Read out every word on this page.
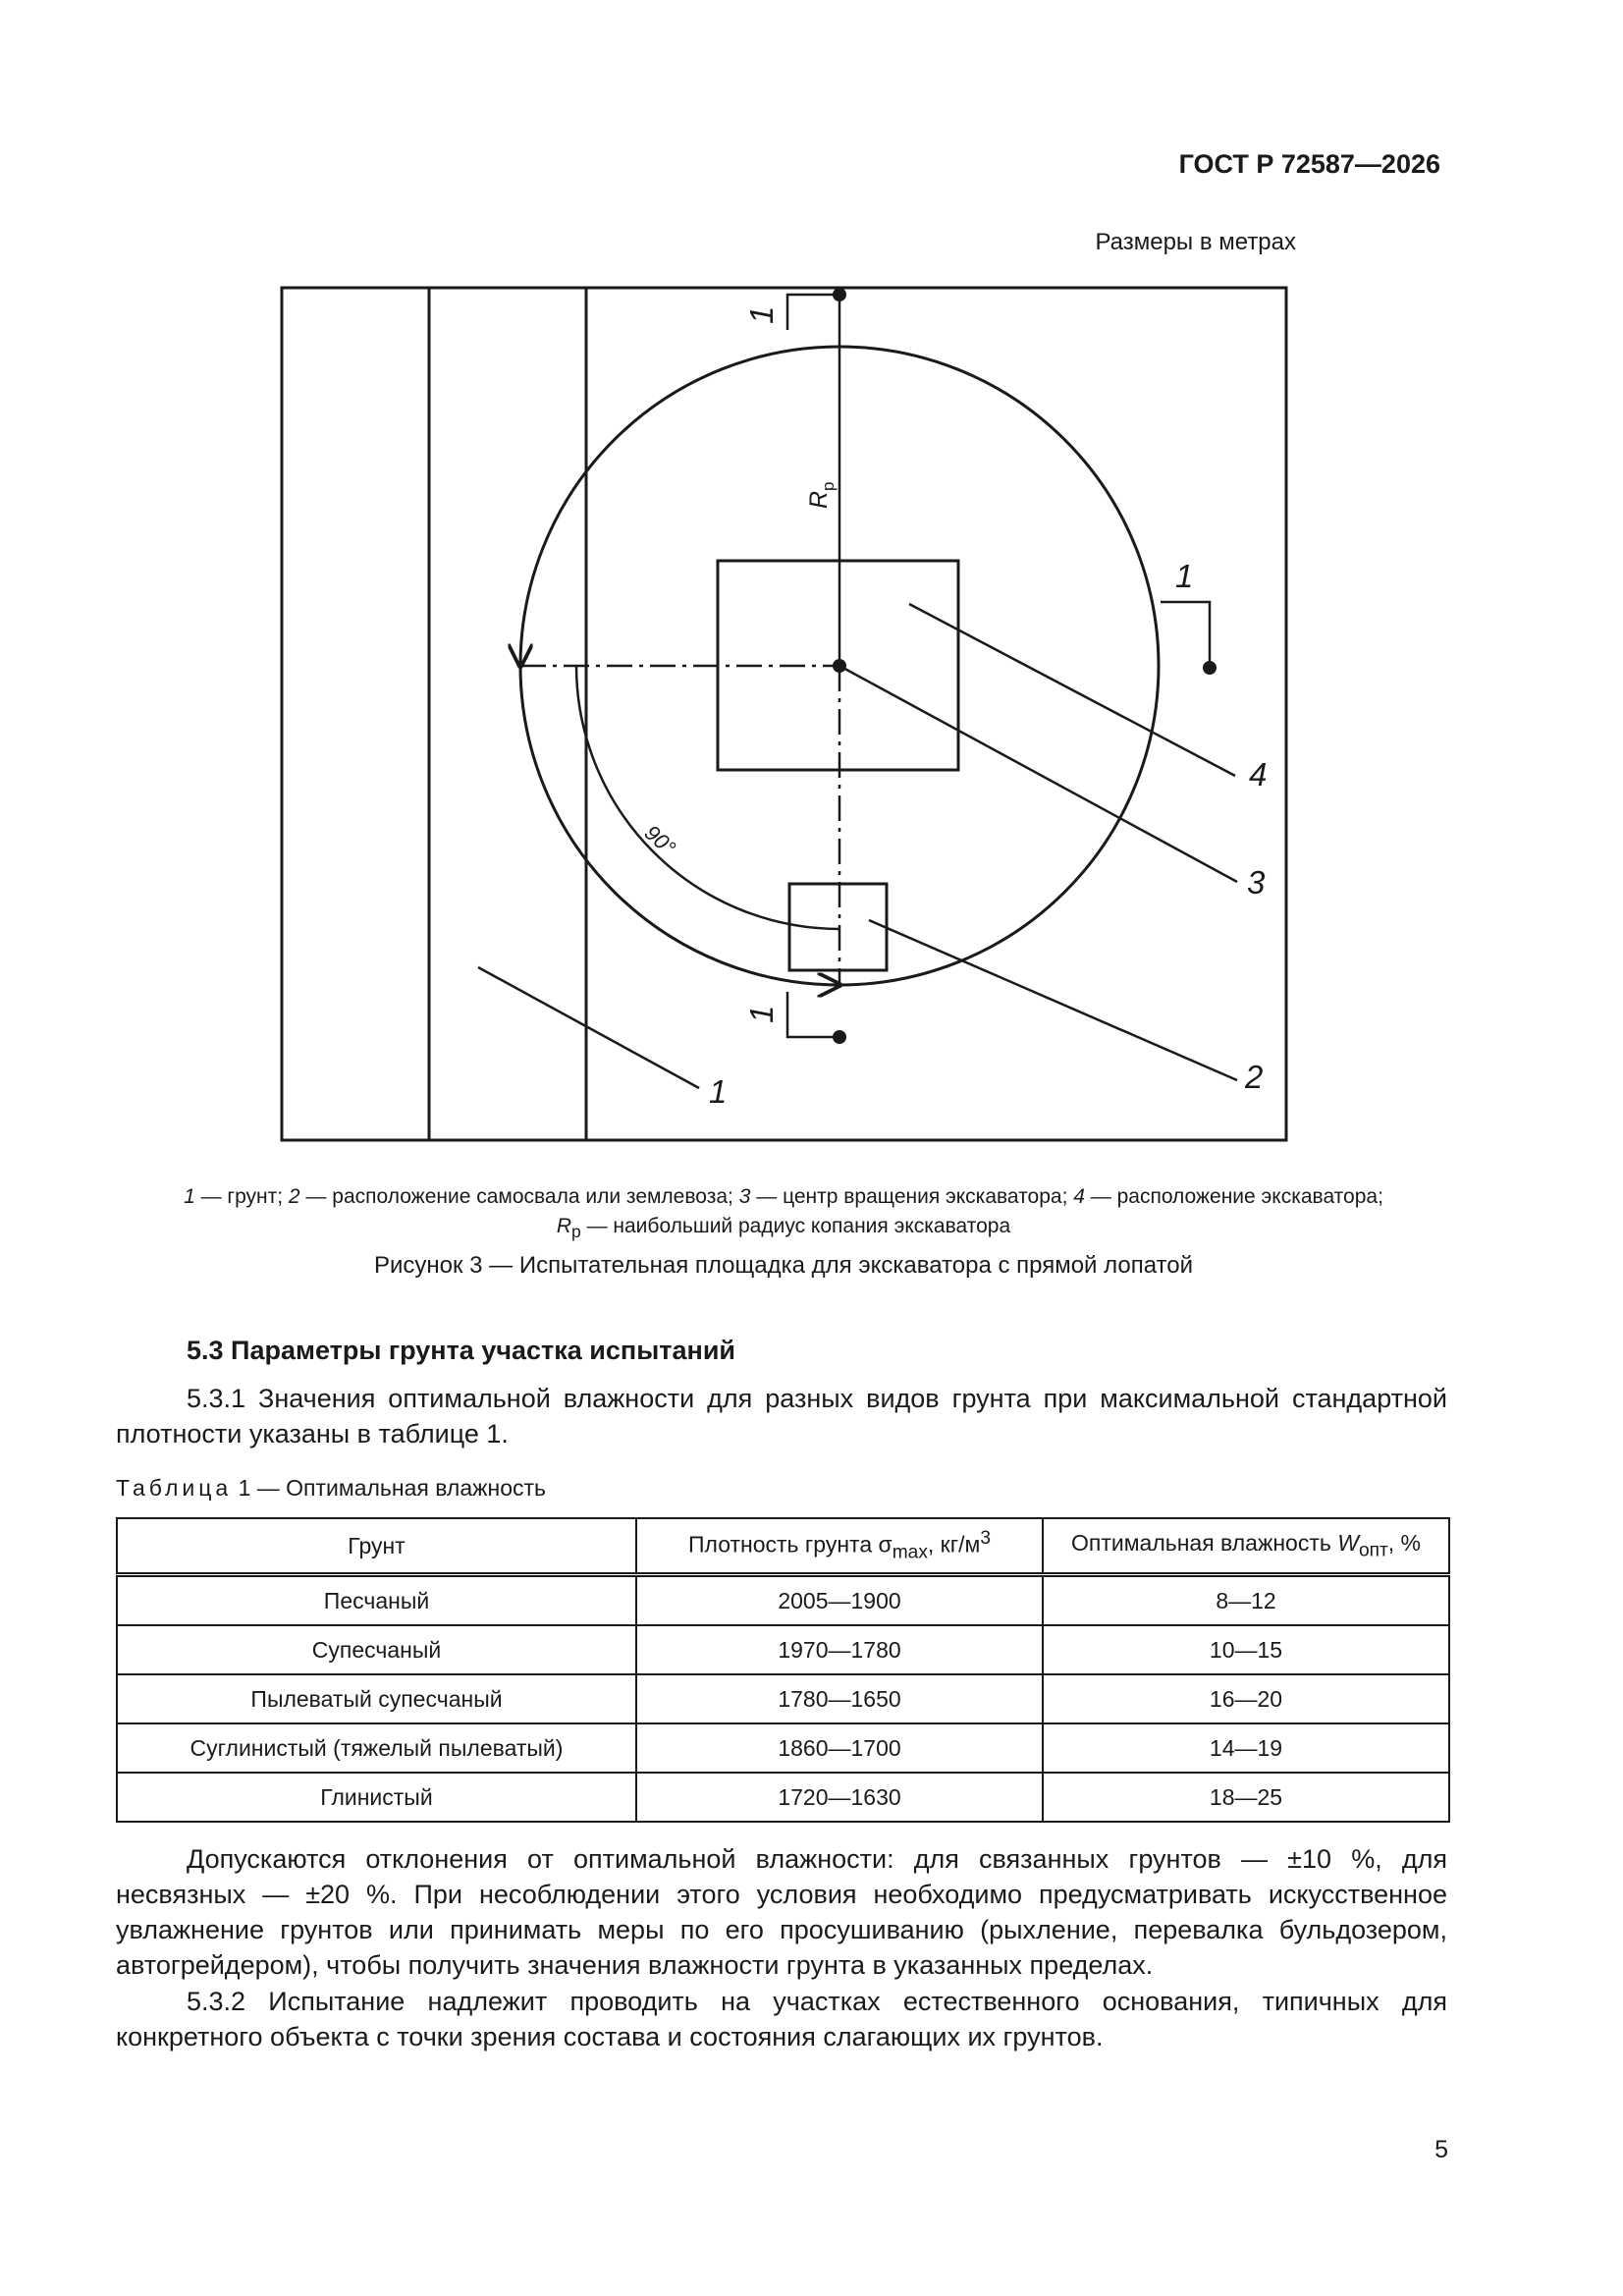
ГОСТ Р 72587—2026
Размеры в метрах
1
1
1
1	2
3
4
$R_р$
90°
1 — грунт; 2 — расположение самосвала или землевоза; 3 — центр вращения экскаватора; 4 — расположение экскаватора;
$R_р$ — наибольший радиус копания экскаватора
Рисунок 3 — Испытательная площадка для экскаватора с прямой лопатой
5.3 Параметры грунта участка испытаний

5.3.1 Значения оптимальной влажности для разных видов грунта при максимальной стандартной плотности указаны в таблице 1.

Таблица 1 — Оптимальная влажность
Грунт	Плотность грунта $\sigma_{max}$, $кг/м^3$	Оптимальная влажность $W_{опт}$, %
Песчаный	2005—1900	8—12
Супесчаный	1970—1780	10—15
Пылеватый супесчаный	1780—1650	16—20
Суглинистый (тяжелый пылеватый)	1860—1700	14—19
Глинистый	1720—1630	18—25

Допускаются отклонения от оптимальной влажности: для связанных грунтов — ±10 %, для несвязных — ±20 %. При несоблюдении этого условия необходимо предусматривать искусственное увлажнение грунтов или принимать меры по его просушиванию (рыхление, перевалка бульдозером, автогрейдером), чтобы получить значения влажности грунта в указанных пределах.

5.3.2 Испытание надлежит проводить на участках естественного основания, типичных для конкретного объекта с точки зрения состава и состояния слагающих их грунтов.

5
